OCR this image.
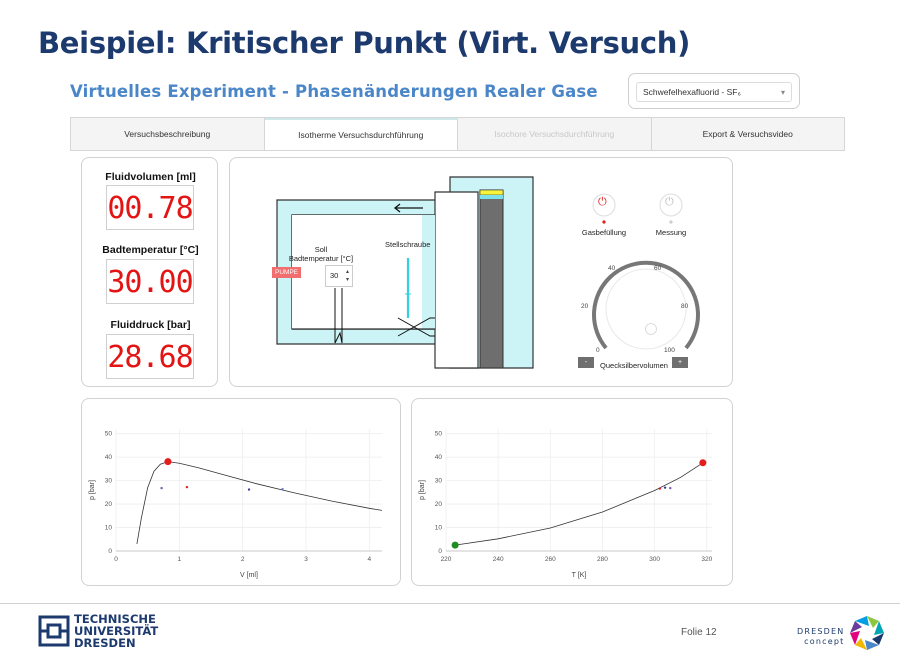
Beispiel: Kritischer Punkt (Virt. Versuch)
Virtuelles Experiment - Phasenänderungen Realer Gase	Schwefelhexafluorid - SF₆	▾
Versuchsbeschreibung	Isotherme Versuchsdurchführung	Isochore Versuchsdurchführung	Export & Versuchsvideo
Fluidvolumen [ml]
00.78
Badtemperatur [°C]
30.00
Fluiddruck [bar]
28.68
PUMPE
Soll
Badtemperatur [°C]
30 ▴
▾
Stellschraube
⏻	⏻
Gasbefüllung	Messung
0
20
40	60
80
100
-	+
Quecksilbervolumen
0
10
20
30
40
50
0	1	2	3	4
V [ml]
p [bar]
0
10
20
30
40
50
220	240	260	280	300	320
T [K]
p [bar]
TECHNISCHE
UNIVERSITÄT
DRESDEN
Folie 12	DRESDEN
concept
